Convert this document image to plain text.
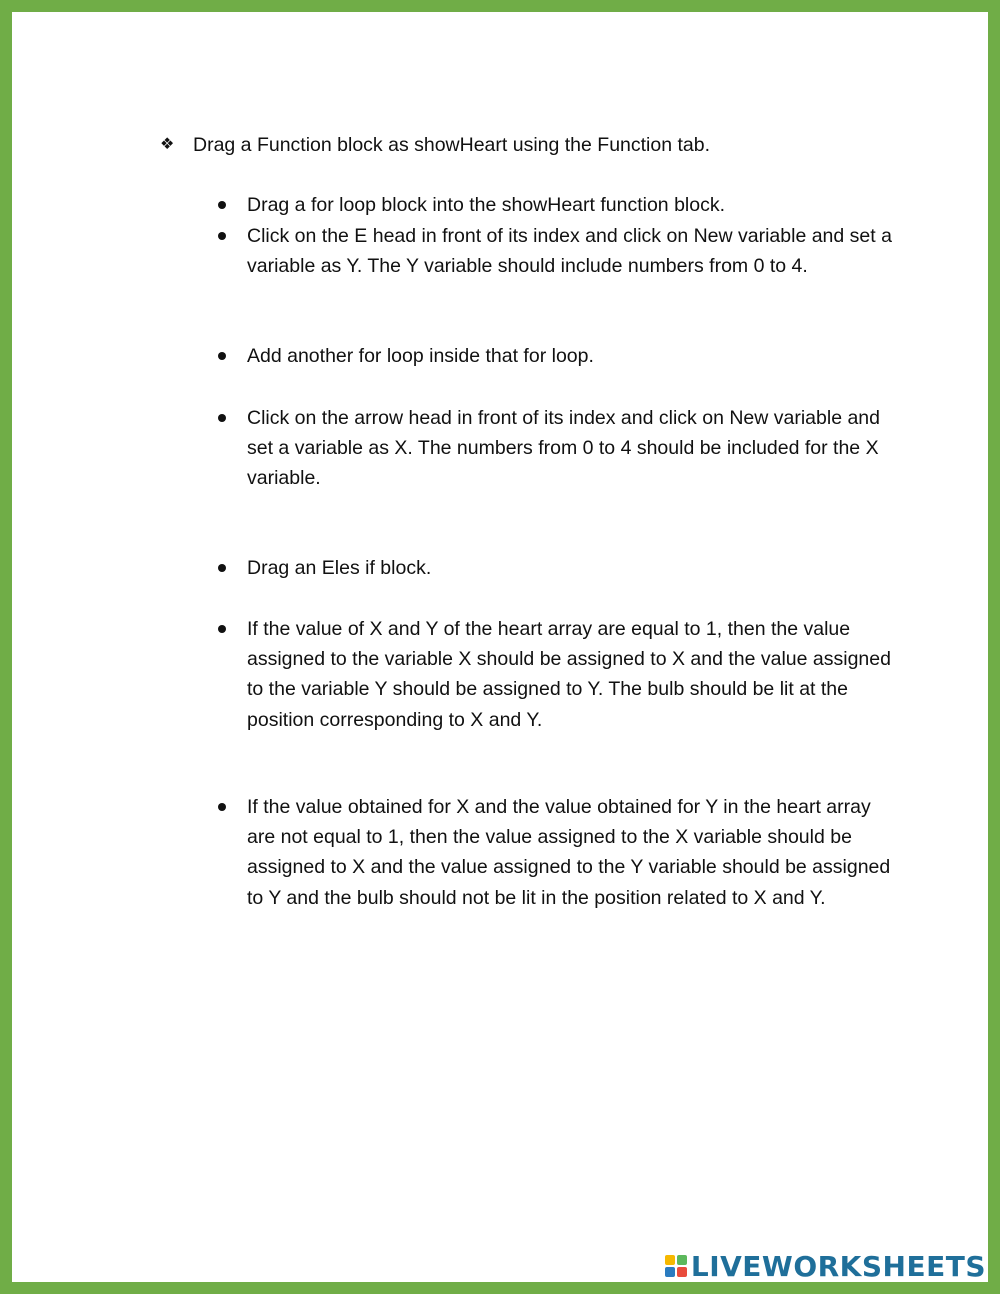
❖ Drag a Function block as showHeart using the Function tab.
Drag a for loop block into the showHeart function block.
Click on the E head in front of its index and click on New variable and set a variable as Y. The Y variable should include numbers from 0 to 4.
Add another for loop inside that for loop.
Click on the arrow head in front of its index and click on New variable and set a variable as X. The numbers from 0 to 4 should be included for the X variable.
Drag an Eles if block.
If the value of X and Y of the heart array are equal to 1, then the value assigned to the variable X should be assigned to X and the value assigned to the variable Y should be assigned to Y. The bulb should be lit at the position corresponding to X and Y.
If the value obtained for X and the value obtained for Y in the heart array are not equal to 1, then the value assigned to the X variable should be assigned to X and the value assigned to the Y variable should be assigned to Y and the bulb should not be lit in the position related to X and Y.
LIVEWORKSHEETS
